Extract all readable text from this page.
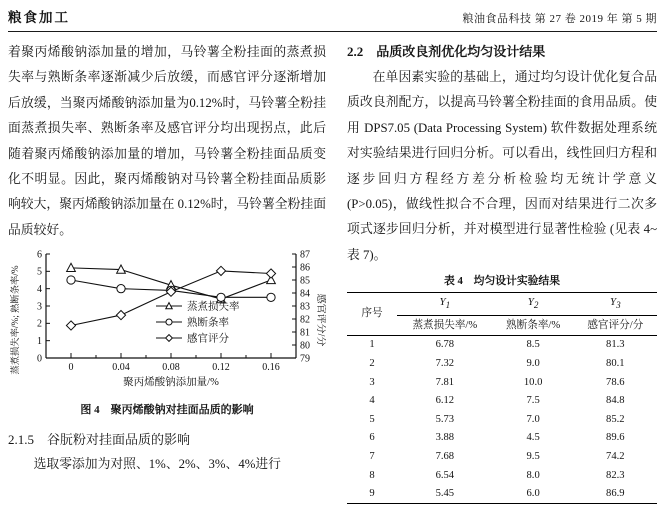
粮食加工	粮油食品科技 第 27 卷 2019 年 第 5 期

着聚丙烯酸钠添加量的增加，马铃薯全粉挂面的蒸煮损失率与熟断条率逐渐减少后放缓，而感官评分逐渐增加后放缓，当聚丙烯酸钠添加量为0.12%时，马铃薯全粉挂面蒸煮损失率、熟断条率及感官评分均出现拐点，此后随着聚丙烯酸钠添加量的增加，马铃薯全粉挂面品质变化不明显。因此，聚丙烯酸钠对马铃薯全粉挂面品质影响较大，聚丙烯酸钠添加量在 0.12%时，马铃薯全粉挂面品质较好。

0
1
2
3
4
5
6
79
80
81
82
83
84
85
86
87
0	0.04	0.08	0.12	0.16
聚丙烯酸钠添加量/%
蒸煮损失率/%; 熟断条率/%	感官评分/分
蒸煮损失率
熟断条率
感官评分
图 4　聚丙烯酸钠对挂面品质的影响
2.1.5　谷朊粉对挂面品质的影响

选取零添加为对照、1%、2%、3%、4%进行

2.2　品质改良剂优化均匀设计结果

在单因素实验的基础上，通过均匀设计优化复合品质改良剂配方，以提高马铃薯全粉挂面的食用品质。使用 DPS7.05 (Data Processing System) 软件数据处理系统对实验结果进行回归分析。可以看出，线性回归方程和逐步回归方程经方差分析检验均无统计学意义 (P>0.05)，做线性拟合不合理，因而对结果进行二次多项式逐步回归分析，并对模型进行显著性检验 (见表 4~表 7)。

表 4　均匀设计实验结果
序号	$Y_1$	$Y_2$	$Y_3$
	蒸煮损失率/%	熟断条率/%	感官评分/分
1	6.78	8.5	81.3
2	7.32	9.0	80.1
3	7.81	10.0	78.6
4	6.12	7.5	84.8
5	5.73	7.0	85.2
6	3.88	4.5	89.6
7	7.68	9.5	74.2
8	6.54	8.0	82.3
9	5.45	6.0	86.9
